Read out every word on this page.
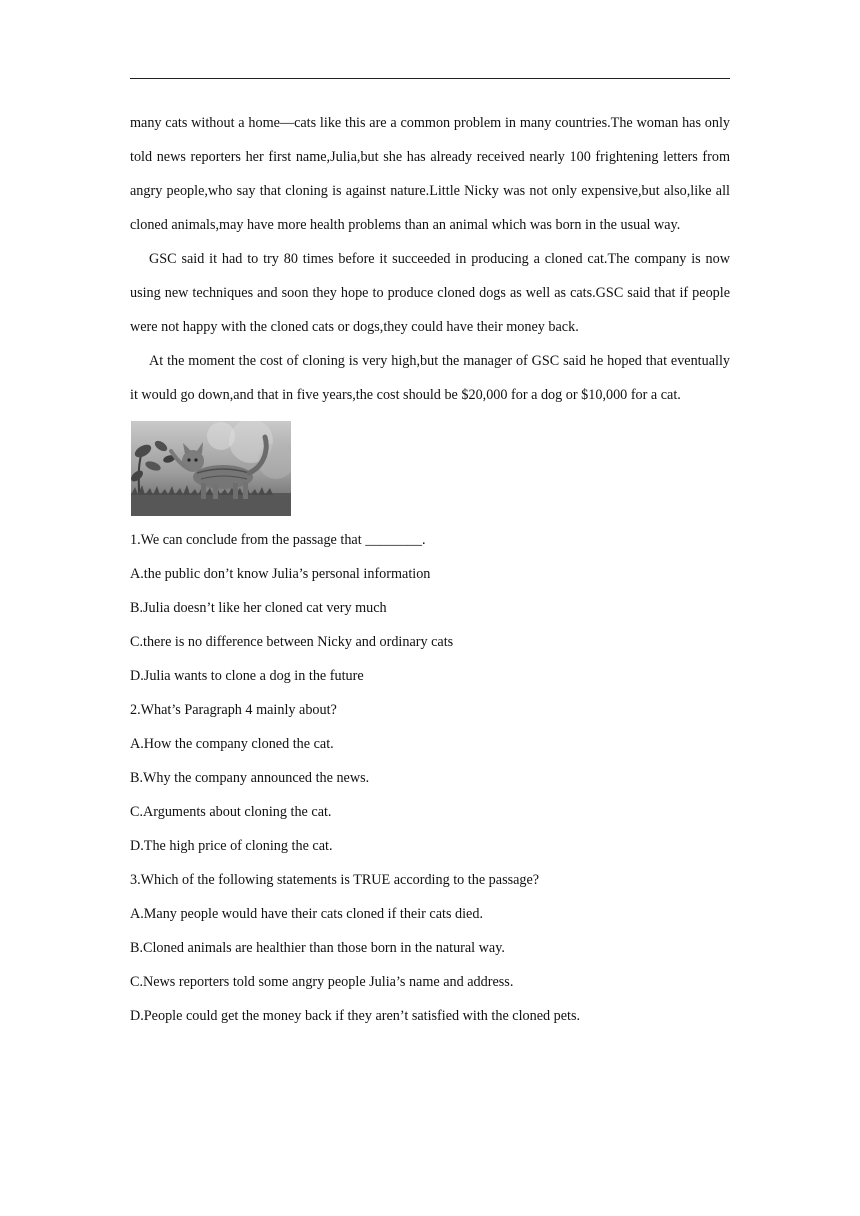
many cats without a home—cats like this are a common problem in many countries.The woman has only told news reporters her first name,Julia,but she has already received nearly 100 frightening letters from angry people,who say that cloning is against nature.Little Nicky was not only expensive,but also,like all cloned animals,may have more health problems than an animal which was born in the usual way.

GSC said it had to try 80 times before it succeeded in producing a cloned cat.The company is now using new techniques and soon they hope to produce cloned dogs as well as cats.GSC said that if people were not happy with the cloned cats or dogs,they could have their money back.

At the moment the cost of cloning is very high,but the manager of GSC said he hoped that eventually it would go down,and that in five years,the cost should be $20,000 for a dog or $10,000 for a cat.

1.We can conclude from the passage that ________.

A.the public don’t know Julia’s personal information

B.Julia doesn’t like her cloned cat very much

C.there is no difference between Nicky and ordinary cats

D.Julia wants to clone a dog in the future

2.What’s Paragraph 4 mainly about?

A.How the company cloned the cat.

B.Why the company announced the news.

C.Arguments about cloning the cat.

D.The high price of cloning the cat.

3.Which of the following statements is TRUE according to the passage?

A.Many people would have their cats cloned if their cats died.

B.Cloned animals are healthier than those born in the natural way.

C.News reporters told some angry people Julia’s name and address.

D.People could get the money back if they aren’t satisfied with the cloned pets.
